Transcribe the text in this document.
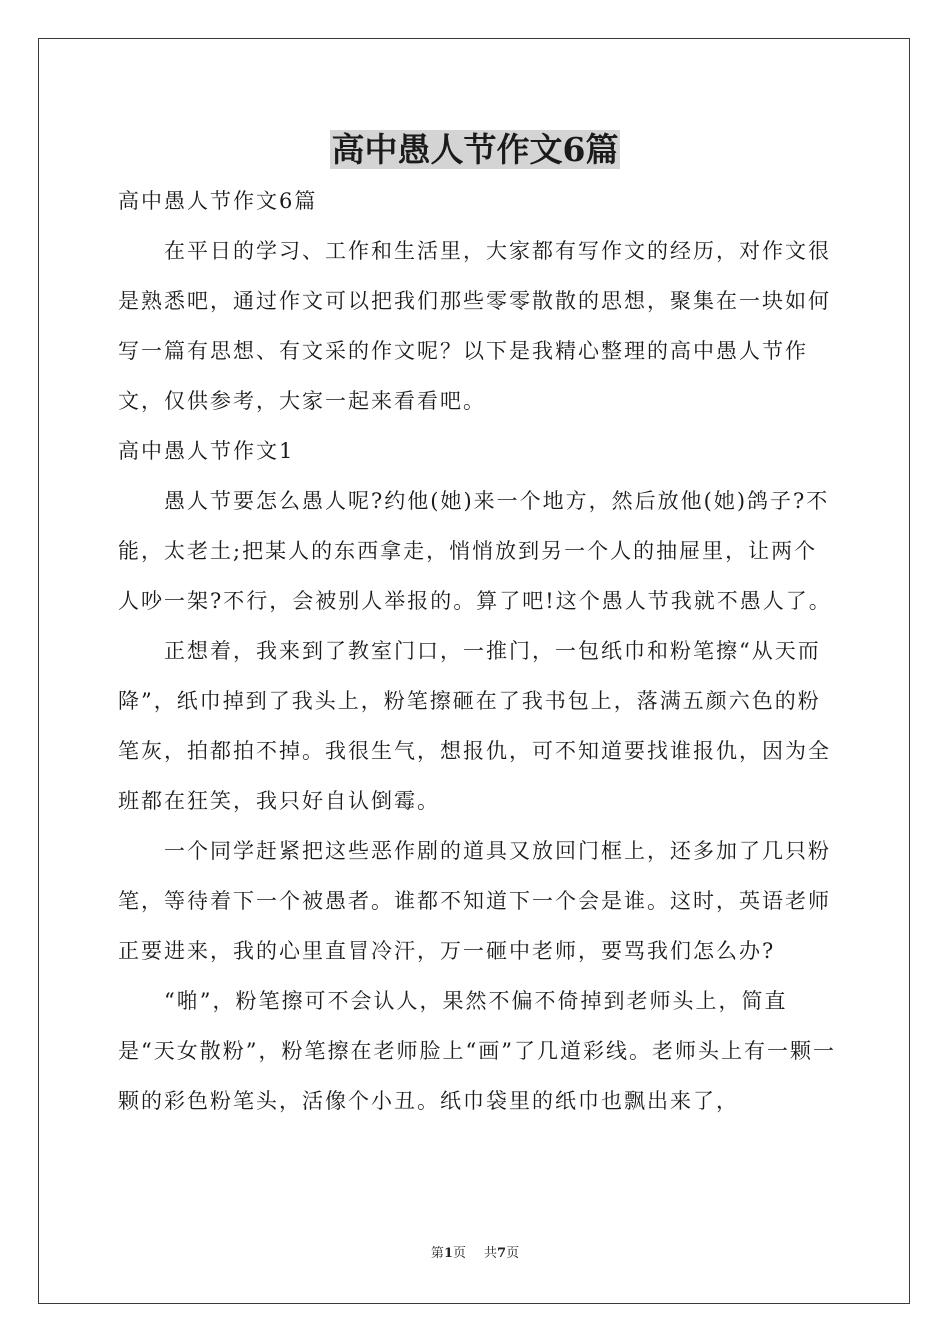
高中愚人节作文6篇

高中愚人节作文6篇

在平日的学习、工作和生活里，大家都有写作文的经历，对作文很是熟悉吧，通过作文可以把我们那些零零散散的思想，聚集在一块如何写一篇有思想、有文采的作文呢？以下是我精心整理的高中愚人节作文，仅供参考，大家一起来看看吧。

高中愚人节作文1

愚人节要怎么愚人呢?约他(她)来一个地方，然后放他(她)鸽子?不能，太老土;把某人的东西拿走，悄悄放到另一个人的抽屉里，让两个人吵一架?不行，会被别人举报的。算了吧!这个愚人节我就不愚人了。

正想着，我来到了教室门口，一推门，一包纸巾和粉笔擦“从天而降”，纸巾掉到了我头上，粉笔擦砸在了我书包上，落满五颜六色的粉笔灰，拍都拍不掉。我很生气，想报仇，可不知道要找谁报仇，因为全班都在狂笑，我只好自认倒霉。

一个同学赶紧把这些恶作剧的道具又放回门框上，还多加了几只粉笔，等待着下一个被愚者。谁都不知道下一个会是谁。这时，英语老师正要进来，我的心里直冒冷汗，万一砸中老师，要骂我们怎么办?

“啪”，粉笔擦可不会认人，果然不偏不倚掉到老师头上，简直是“天女散粉”，粉笔擦在老师脸上“画”了几道彩线。老师头上有一颗一颗的彩色粉笔头，活像个小丑。纸巾袋里的纸巾也飘出来了，

第1页 共7页
